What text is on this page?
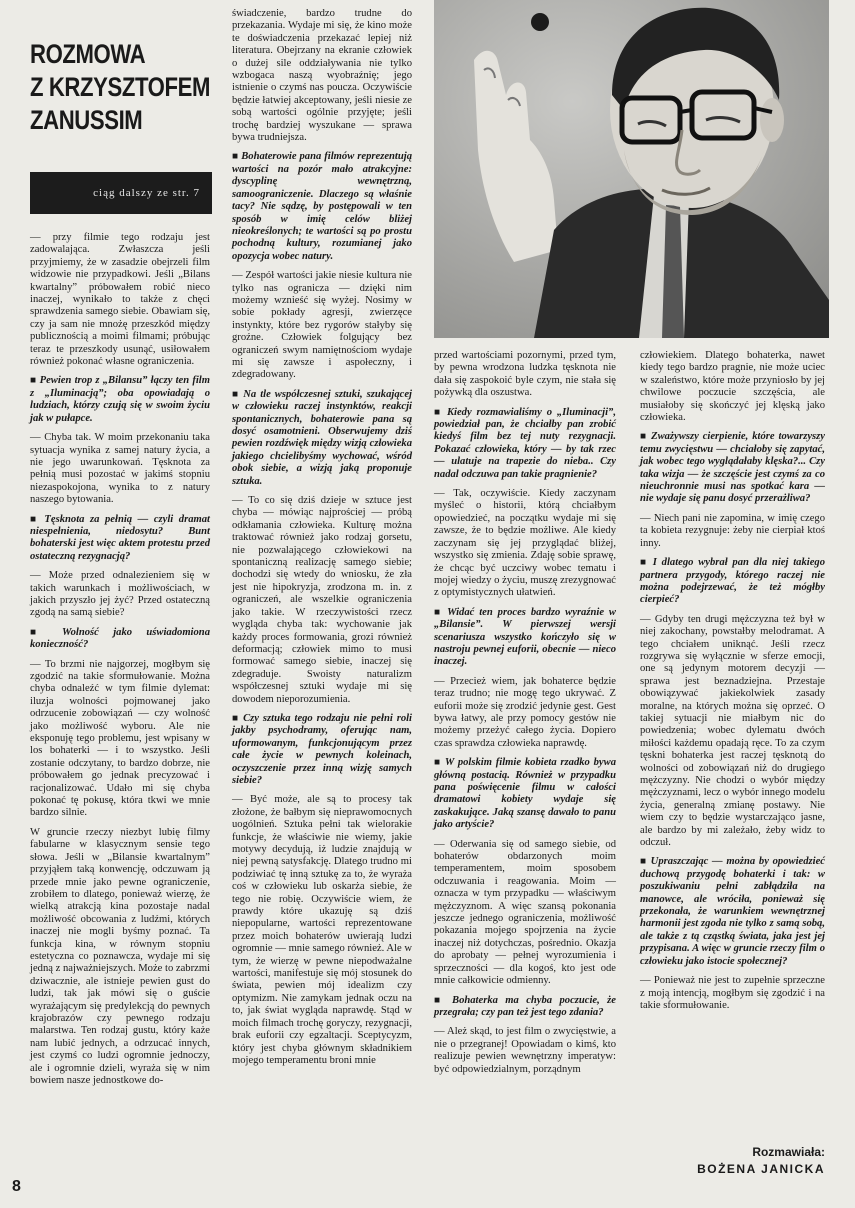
ROZMOWA
Z KRZYSZTOFEM
ZANUSSIM
ciąg dalszy ze str. 7

— przy filmie tego rodzaju jest zadowalająca. Zwłaszcza jeśli przyjmiemy, że w zasadzie obejrzeli film widzowie nie przypadkowi. Jeśli „Bilans kwartalny” próbowałem robić nieco inaczej, wynikało to także z chęci sprawdzenia samego siebie. Obawiam się, czy ja sam nie mnożę przeszkód między publicznością a moimi filmami; próbując teraz te przeszkody usunąć, usiłowałem również pokonać własne ograniczenia.

■ Pewien trop z „Bilansu” łączy ten film z „Iluminacją”; oba opowiadają o ludziach, którzy czują się w swoim życiu jak w pułapce.

— Chyba tak. W moim przekonaniu taka sytuacja wynika z samej natury życia, a nie jego uwarunkowań. Tęsknota za pełnią musi pozostać w jakimś stopniu niezaspokojona, wynika to z natury naszego bytowania.

■ Tęsknota za pełnią — czyli dramat niespełnienia, niedosytu? Bunt bohaterski jest więc aktem protestu przed ostateczną rezygnacją?

— Może przed odnalezieniem się w takich warunkach i możliwościach, w jakich przyszło jej żyć? Przed ostateczną zgodą na samą siebie?

■ Wolność jako uświadomiona konieczność?

— To brzmi nie najgorzej, mogłbym się zgodzić na takie sformułowanie. Można chyba odnaleźć w tym filmie dylemat: iluzja wolności pojmowanej jako odrzucenie zobowiązań — czy wolność jako możliwość wyboru. Ale nie eksponuję tego problemu, jest wpisany w los bohaterki — i to wszystko. Jeśli zostanie odczytany, to bardzo dobrze, nie próbowałem go jednak precyzować i racjonalizować. Udało mi się chyba pokonać tę pokusę, która tkwi we mnie bardzo silnie.

W gruncie rzeczy niezbyt lubię filmy fabularne w klasycznym sensie tego słowa. Jeśli w „Bilansie kwartalnym” przyjąłem taką konwencję, odczuwam ją przede mnie jako pewne ograniczenie, zrobiłem to dlatego, ponieważ wierzę, że wielką atrakcją kina pozostaje nadal możliwość obcowania z ludźmi, których inaczej nie mogli byśmy poznać. Ta funkcja kina, w równym stopniu estetyczna co poznawcza, wydaje mi się jedną z najważniejszych. Może to zabrzmi dziwacznie, ale istnieje pewien gust do ludzi, tak jak mówi się o guście wyrażającym się predylekcją do pewnych krajobrazów czy pewnego rodzaju malarstwa. Ten rodzaj gustu, który każe nam lubić jednych, a odrzucać innych, jest czymś co ludzi ogromnie jednoczy, ale i ogromnie dzieli, wyraża się w nim bowiem nasze jednostkowe do-

świadczenie, bardzo trudne do przekazania. Wydaje mi się, że kino może te doświadczenia przekazać lepiej niż literatura. Obejrzany na ekranie człowiek o dużej sile oddziaływania nie tylko wzbogaca naszą wyobraźnię; jego istnienie o czymś nas poucza. Oczywiście będzie łatwiej akceptowany, jeśli niesie ze sobą wartości ogólnie przyjęte; jeśli trochę bardziej wyszukane — sprawa bywa trudniejsza.

■ Bohaterowie pana filmów reprezentują wartości na pozór mało atrakcyjne: dyscyplinę wewnętrzną, samoograniczenie. Dlaczego są właśnie tacy? Nie sądzę, by postępowali w ten sposób w imię celów bliżej nieokreślonych; te wartości są po prostu pochodną kultury, rozumianej jako opozycja wobec natury.

— Zespół wartości jakie niesie kultura nie tylko nas ogranicza — dzięki nim możemy wznieść się wyżej. Nosimy w sobie pokłady agresji, zwierzęce instynkty, które bez rygorów stałyby się groźne. Człowiek folgujący bez ograniczeń swym namiętnościom wydaje mi się zawsze i aspołeczny, i zdegradowany.

■ Na tle współczesnej sztuki, szukającej w człowieku raczej instynktów, reakcji spontanicznych, bohaterowie pana są dosyć osamotnieni. Obserwujemy dziś pewien rozdźwięk między wizją człowieka jakiego chcielibyśmy wychować, wśród obok siebie, a wizją jaką proponuje sztuka.

— To co się dziś dzieje w sztuce jest chyba — mówiąc najprościej — próbą odkłamania człowieka. Kulturę można traktować również jako rodzaj gorsetu, nie pozwalającego człowiekowi na spontaniczną realizację samego siebie; dochodzi się wtedy do wniosku, że zła jest nie hipokryzja, zrodzona m. in. z ograniczeń, ale wszelkie ograniczenia jako takie. W rzeczywistości rzecz wygląda chyba tak: wychowanie jak każdy proces formowania, grozi również deformacją; człowiek mimo to musi formować samego siebie, inaczej się zdegraduje. Swoisty naturalizm współczesnej sztuki wydaje mi się dowodem nieporozumienia.

■ Czy sztuka tego rodzaju nie pełni roli jakby psychodramy, oferując nam, uformowanym, funkcjonującym przez całe życie w pewnych koleinach, oczyszczenie przez inną wizję samych siebie?

— Być może, ale są to procesy tak złożone, że bałbym się nieprawomocnych uogólnień. Sztuka pełni tak wielorakie funkcje, że właściwie nie wiemy, jakie motywy decydują, iż ludzie znajdują w niej pewną satysfakcję. Dlatego trudno mi podziwiać tę inną sztukę za to, że wyraża coś w człowieku lub oskarża siebie, że tego nie robię. Oczywiście wiem, że prawdy które ukazuję są dziś niepopularne, wartości reprezentowane przez moich bohaterów uwierają ludzi ogromnie — mnie samego również. Ale w tym, że wierzę w pewne niepodważalne wartości, manifestuje się mój stosunek do świata, pewien mój idealizm czy optymizm. Nie zamykam jednak oczu na to, jak świat wygląda naprawdę. Stąd w moich filmach trochę goryczy, rezygnacji, brak euforii czy egzaltacji. Sceptycyzm, który jest chyba głównym składnikiem mojego temperamentu broni mnie

przed wartościami pozornymi, przed tym, by pewna wrodzona ludzka tęsknota nie dała się zaspokoić byle czym, nie stała się pożywką dla oszustwa.

■ Kiedy rozmawialiśmy o „Iluminacji”, powiedział pan, że chciałby pan zrobić kiedyś film bez tej nuty rezygnacji. Pokazać człowieka, który — by tak rzec — ulatuje na trapezie do nieba.. Czy nadal odczuwa pan takie pragnienie?

— Tak, oczywiście. Kiedy zaczynam myśleć o historii, którą chciałbym opowiedzieć, na początku wydaje mi się zawsze, że to będzie możliwe. Ale kiedy zaczynam się jej przyglądać bliżej, wszystko się zmienia. Zdaję sobie sprawę, że chcąc być uczciwy wobec tematu i mojej wiedzy o życiu, muszę zrezygnować z optymistycznych ułatwień.

■ Widać ten proces bardzo wyraźnie w „Bilansie”. W pierwszej wersji scenariusza wszystko kończyło się w nastroju pewnej euforii, obecnie — nieco inaczej.

— Przecież wiem, jak bohaterce będzie teraz trudno; nie mogę tego ukrywać. Z euforii może się zrodzić jedynie gest. Gest bywa łatwy, ale przy pomocy gestów nie możemy przeżyć całego życia. Dopiero czas sprawdza człowieka naprawdę.

■ W polskim filmie kobieta rzadko bywa główną postacią. Również w przypadku pana poświęcenie filmu w całości dramatowi kobiety wydaje się zaskakujące. Jaką szansę dawało to panu jako artyście?

— Oderwania się od samego siebie, od bohaterów obdarzonych moim temperamentem, moim sposobem odczuwania i reagowania. Moim — oznacza w tym przypadku — właściwym mężczyznom. A więc szansą pokonania jeszcze jednego ograniczenia, możliwość pokazania mojego spojrzenia na życie inaczej niż dotychczas, pośrednio. Okazja do aprobaty — pełnej wyrozumienia i sprzeczności — dla kogoś, kto jest ode mnie całkowicie odmienny.

■ Bohaterka ma chyba poczucie, że przegrała; czy pan też jest tego zdania?

— Ależ skąd, to jest film o zwycięstwie, a nie o przegranej! Opowiadam o kimś, kto realizuje pewien wewnętrzny imperatyw: być odpowiedzialnym, porządnym

człowiekiem. Dlatego bohaterka, nawet kiedy tego bardzo pragnie, nie może uciec w szaleństwo, które może przyniosło by jej chwilowe poczucie szczęścia, ale musiałoby się skończyć jej klęską jako człowieka.

■ Zważywszy cierpienie, które towarzyszy temu zwycięstwu — chciałoby się zapytać, jak wobec tego wyglądałaby klęska?... Czy taka wizja — że szczęście jest czymś za co nieuchronnie musi nas spotkać kara — nie wydaje się panu dosyć przerażliwa?

— Niech pani nie zapomina, w imię czego ta kobieta rezygnuje: żeby nie cierpiał ktoś inny.

■ I dlatego wybrał pan dla niej takiego partnera przygody, którego raczej nie można podejrzewać, że też mógłby cierpieć?

— Gdyby ten drugi mężczyzna też był w niej zakochany, powstałby melodramat. A tego chciałem uniknąć. Jeśli rzecz rozgrywa się wyłącznie w sferze emocji, one są jedynym motorem decyzji — sprawa jest beznadziejna. Przestaje obowiązywać jakiekolwiek zasady moralne, na których można się oprzeć. O takiej sytuacji nie miałbym nic do powiedzenia; wobec dylematu dwóch miłości każdemu opadają ręce. To za czym tęskni bohaterka jest raczej tęsknotą do wolności od zobowiązań niż do drugiego mężczyzny. Nie chodzi o wybór między mężczyznami, lecz o wybór innego modelu życia, generalną zmianę postawy. Nie wiem czy to będzie wystarczająco jasne, ale bardzo by mi zależało, żeby widz to odczuł.

■ Upraszczając — można by opowiedzieć duchową przygodę bohaterki i tak: w poszukiwaniu pełni zabłądziła na manowce, ale wróciła, ponieważ się przekonała, że warunkiem wewnętrznej harmonii jest zgoda nie tylko z samą sobą, ale także z tą cząstką świata, jaka jest jej przypisana. A więc w gruncie rzeczy film o człowieku jako istocie społecznej?

— Ponieważ nie jest to zupełnie sprzeczne z moją intencją, mogłbym się zgodzić i na takie sformułowanie.

Rozmawiała:
BOŻENA JANICKA
8
